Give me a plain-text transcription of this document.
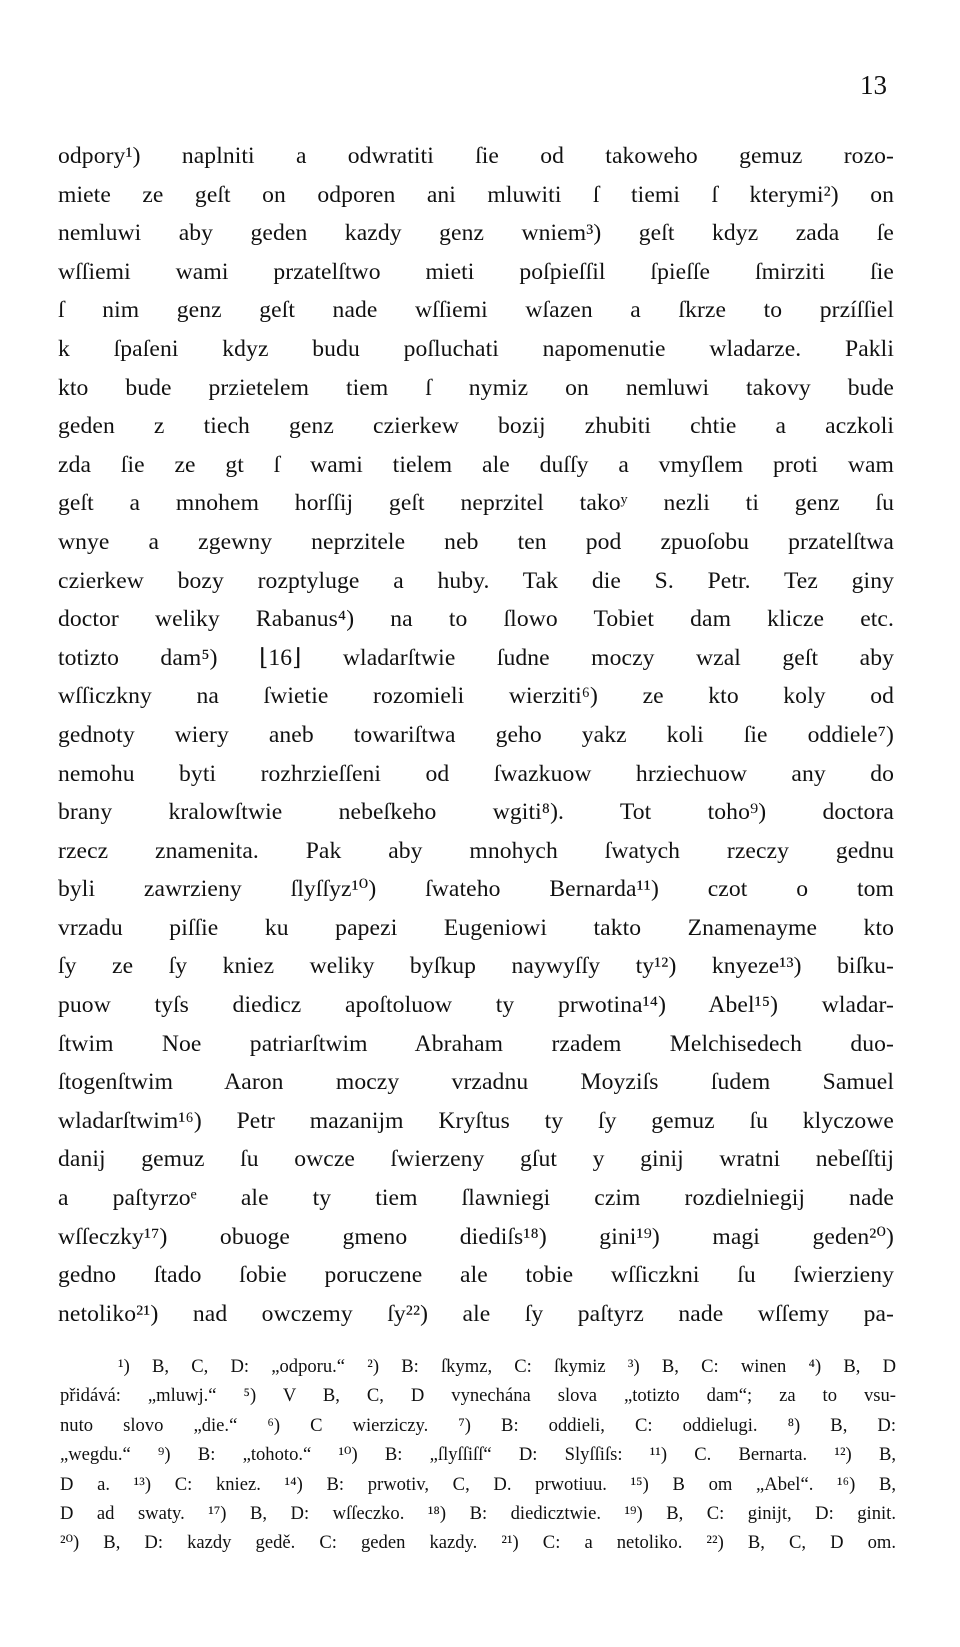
13
odpory¹) naplniti a odwratiti ſie od takoweho gemuz rozo-
miete ze geſt on odporen ani mluwiti ſ tiemi ſ kterymi²) on
nemluwi aby geden kazdy genz wniem³) geſt kdyz zada ſe
wſſiemi wami przatelſtwo mieti poſpieſſil ſpieſſe ſmirziti ſie
ſ nim genz geſt nade wſſiemi wſazen a ſkrze to przíſſiel
k ſpaſeni kdyz budu poſluchati napomenutie wladarze. Pakli
kto bude przietelem tiem ſ nymiz on nemluwi takovy bude
geden z tiech genz czierkew bozij zhubiti chtie a aczkoli
zda ſie ze gt ſ wami tielem ale duſſy a vmyſlem proti wam
geſt a mnohem horſſij geſt neprzitel takoʸ nezli ti genz ſu
wnye a zgewny neprzitele neb ten pod zpuoſobu przatelſtwa
czierkew bozy rozptyluge a huby. Tak die S. Petr. Tez giny
doctor weliky Rabanus⁴) na to ſlowo Tobiet dam klicze etc.
totizto dam⁵) ⌊16⌋ wladarſtwie ſudne moczy wzal geſt aby
wſſiczkny na ſwietie rozomieli wierziti⁶) ze kto koly od
gednoty wiery aneb towariſtwa geho yakz koli ſie oddiele⁷)
nemohu byti rozhrzieſſeni od ſwazkuow hrziechuow any do
brany kralowſtwie nebeſkeho wgiti⁸). Tot toho⁹) doctora
rzecz znamenita. Pak aby mnohych ſwatych rzeczy gednu
byli zawrzieny ſlyſſyz¹⁰) ſwateho Bernarda¹¹) czot o tom
vrzadu piſſie ku papezi Eugeniowi takto Znamenayme kto
ſy ze ſy kniez weliky byſkup naywyſſy ty¹²) knyeze¹³) biſku-
puow tyſs diedicz apoſtoluow ty prwotina¹⁴) Abel¹⁵) wladar-
ſtwim Noe patriarſtwim Abraham rzadem Melchisedech duo-
ſtogenſtwim Aaron moczy vrzadnu Moyziſs ſudem Samuel
wladarſtwim¹⁶) Petr mazanijm Kryſtus ty ſy gemuz ſu klyczowe
danij gemuz ſu owcze ſwierzeny gſut y ginij wratni nebeſſtij
a paſtyrzoᵉ ale ty tiem ſlawniegi czim rozdielniegij nade
wſſeczky¹⁷) obuoge gmeno diediſs¹⁸) gini¹⁹) magi geden²⁰)
gedno ſtado ſobie poruczene ale tobie wſſiczkni ſu ſwierzieny
netoliko²¹) nad owczemy ſy²²) ale ſy paſtyrz nade wſſemy pa-
¹) B, C, D: „odporu.“ ²) B: ſkymz, C: ſkymiz ³) B, C: winen ⁴) B, D
přidává: „mluwj.“ ⁵) V B, C, D vynechána slova „totizto dam“; za to vsu-
nuto slovo „die.“ ⁶) C wierziczy. ⁷) B: oddieli, C: oddielugi. ⁸) B, D:
„wegdu.“ ⁹) B: „tohoto.“ ¹⁰) B: „ſlyſſiſſ“ D: Slyſſiſs: ¹¹) C. Bernarta. ¹²) B,
D a. ¹³) C: kniez. ¹⁴) B: prwotiv, C, D. prwotiuu. ¹⁵) B om „Abel“. ¹⁶) B,
D ad swaty. ¹⁷) B, D: wſſeczko. ¹⁸) B: diedicztwie. ¹⁹) B, C: ginijt, D: ginit.
²⁰) B, D: kazdy gedě. C: geden kazdy. ²¹) C: a netoliko. ²²) B, C, D om.
